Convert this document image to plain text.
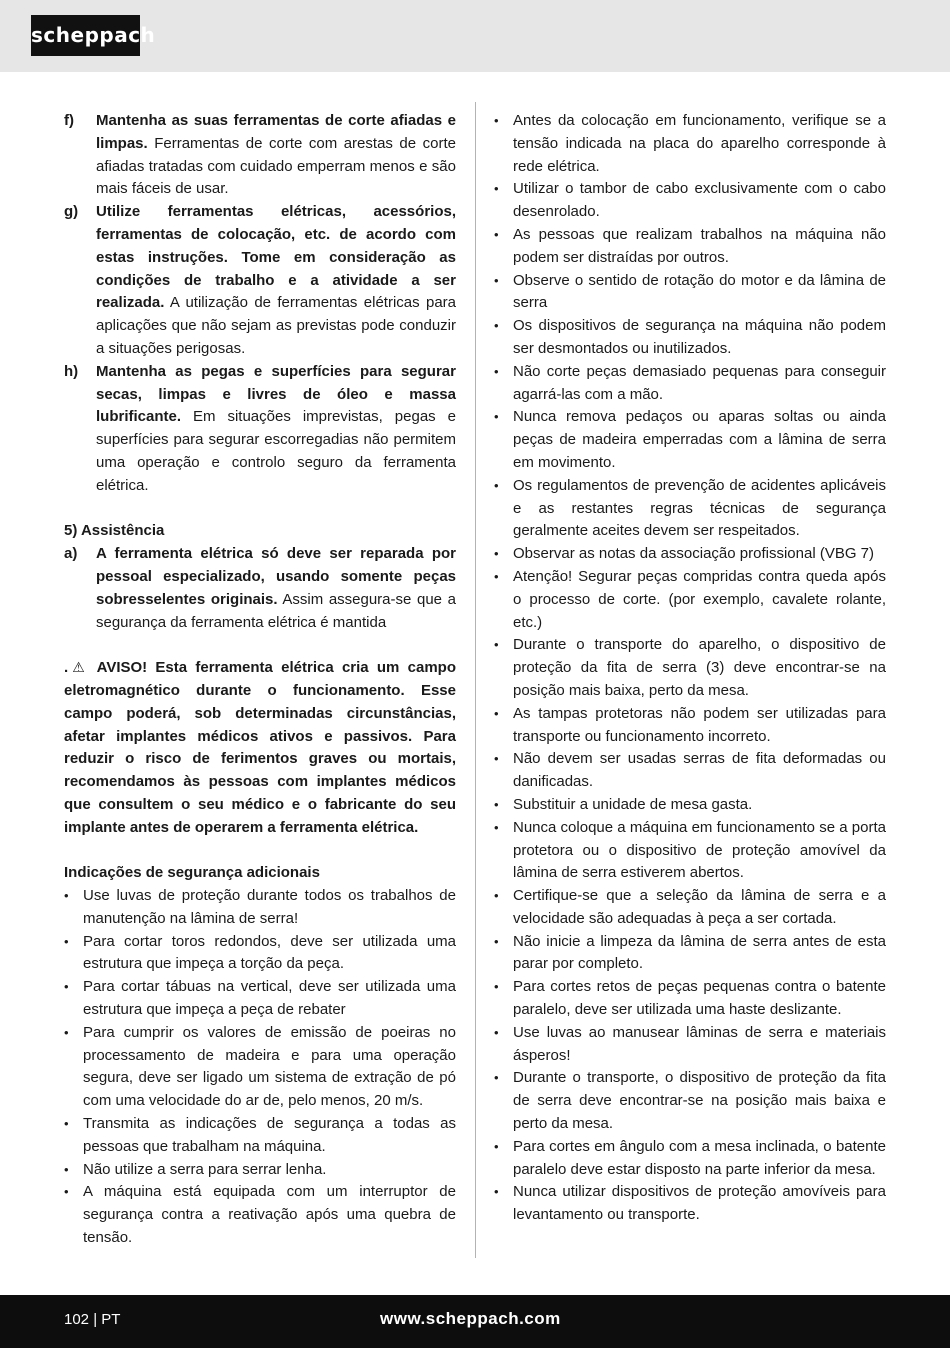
scheppach
f)	Mantenha as suas ferramentas de corte afiadas e limpas. Ferramentas de corte com arestas de corte afiadas tratadas com cuidado emperram menos e são mais fáceis de usar.
g)	Utilize ferramentas elétricas, acessórios, ferramentas de colocação, etc. de acordo com estas instruções. Tome em consideração as condições de trabalho e a atividade a ser realizada. A utilização de ferramentas elétricas para aplicações que não sejam as previstas pode conduzir a situações perigosas.
h)	Mantenha as pegas e superfícies para segurar secas, limpas e livres de óleo e massa lubrificante. Em situações imprevistas, pegas e superfícies para segurar escorregadias não permitem uma operação e controlo seguro da ferramenta elétrica.
5) Assistência
a)	A ferramenta elétrica só deve ser reparada por pessoal especializado, usando somente peças sobresselentes originais. Assim assegura-se que a segurança da ferramenta elétrica é mantida
.⚠ AVISO! Esta ferramenta elétrica cria um campo eletromagnético durante o funcionamento. Esse campo poderá, sob determinadas circunstâncias, afetar implantes médicos ativos e passivos. Para reduzir o risco de ferimentos graves ou mortais, recomendamos às pessoas com implantes médicos que consultem o seu médico e o fabricante do seu implante antes de operarem a ferramenta elétrica.
Indicações de segurança adicionais
• Use luvas de proteção durante todos os trabalhos de manutenção na lâmina de serra!
• Para cortar toros redondos, deve ser utilizada uma estrutura que impeça a torção da peça.
• Para cortar tábuas na vertical, deve ser utilizada uma estrutura que impeça a peça de rebater
• Para cumprir os valores de emissão de poeiras no processamento de madeira e para uma operação segura, deve ser ligado um sistema de extração de pó com uma velocidade do ar de, pelo menos, 20 m/s.
• Transmita as indicações de segurança a todas as pessoas que trabalham na máquina.
• Não utilize a serra para serrar lenha.
• A máquina está equipada com um interruptor de segurança contra a reativação após uma quebra de tensão.
• Antes da colocação em funcionamento, verifique se a tensão indicada na placa do aparelho corresponde à rede elétrica.
• Utilizar o tambor de cabo exclusivamente com o cabo desenrolado.
• As pessoas que realizam trabalhos na máquina não podem ser distraídas por outros.
• Observe o sentido de rotação do motor e da lâmina de serra
• Os dispositivos de segurança na máquina não podem ser desmontados ou inutilizados.
• Não corte peças demasiado pequenas para conseguir agarrá-las com a mão.
• Nunca remova pedaços ou aparas soltas ou ainda peças de madeira emperradas com a lâmina de serra em movimento.
• Os regulamentos de prevenção de acidentes aplicáveis e as restantes regras técnicas de segurança geralmente aceites devem ser respeitados.
• Observar as notas da associação profissional (VBG 7)
• Atenção! Segurar peças compridas contra queda após o processo de corte. (por exemplo, cavalete rolante, etc.)
• Durante o transporte do aparelho, o dispositivo de proteção da fita de serra (3) deve encontrar-se na posição mais baixa, perto da mesa.
• As tampas protetoras não podem ser utilizadas para transporte ou funcionamento incorreto.
• Não devem ser usadas serras de fita deformadas ou danificadas.
• Substituir a unidade de mesa gasta.
• Nunca coloque a máquina em funcionamento se a porta protetora ou o dispositivo de proteção amovível da lâmina de serra estiverem abertos.
• Certifique-se que a seleção da lâmina de serra e a velocidade são adequadas à peça a ser cortada.
• Não inicie a limpeza da lâmina de serra antes de esta parar por completo.
• Para cortes retos de peças pequenas contra o batente paralelo, deve ser utilizada uma haste deslizante.
• Use luvas ao manusear lâminas de serra e materiais ásperos!
• Durante o transporte, o dispositivo de proteção da fita de serra deve encontrar-se na posição mais baixa e perto da mesa.
• Para cortes em ângulo com a mesa inclinada, o batente paralelo deve estar disposto na parte inferior da mesa.
• Nunca utilizar dispositivos de proteção amovíveis para levantamento ou transporte.
102 | PT	www.scheppach.com
